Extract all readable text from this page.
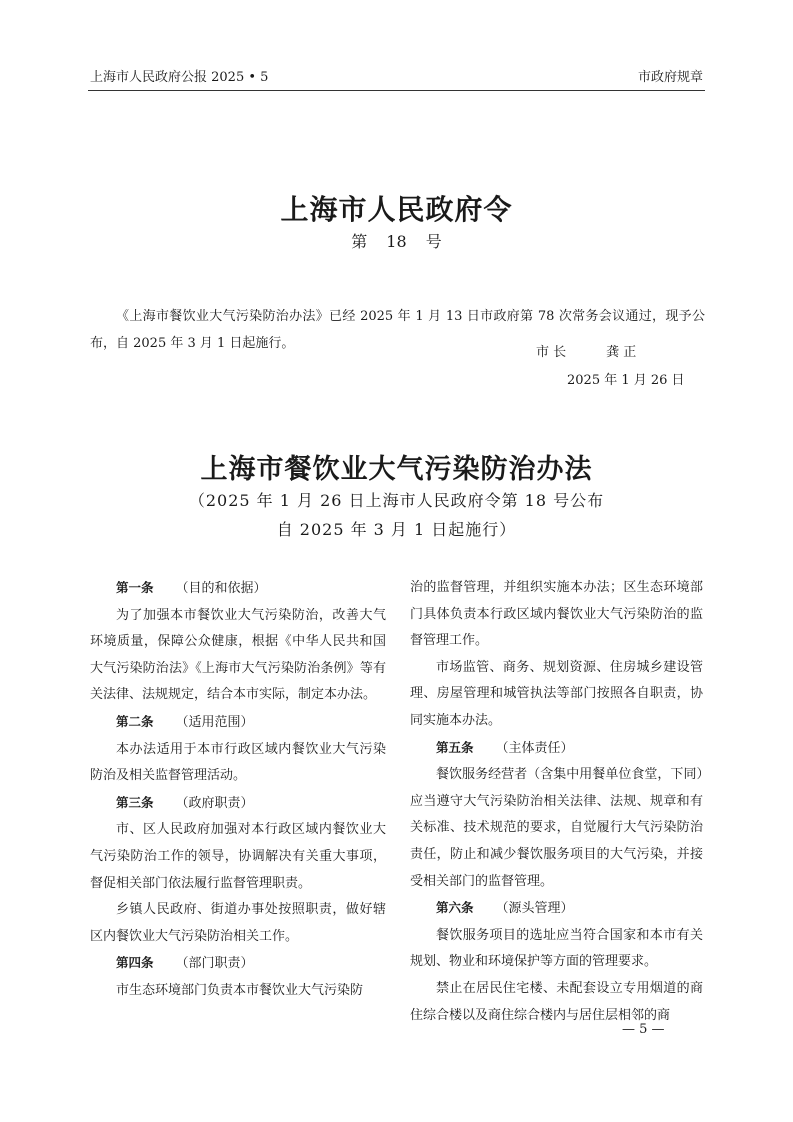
上海市人民政府公报 2025 • 5	市政府规章
上海市人民政府令
第 18 号

《上海市餐饮业大气污染防治办法》已经 2025 年 1 月 13 日市政府第 78 次常务会议通过，现予公布，自 2025 年 3 月 1 日起施行。

市 长	龚 正
2025 年 1 月 26 日
上海市餐饮业大气污染防治办法
（2025 年 1 月 26 日上海市人民政府令第 18 号公布
自 2025 年 3 月 1 日起施行）

第一条 （目的和依据）

为了加强本市餐饮业大气污染防治，改善大气环境质量，保障公众健康，根据《中华人民共和国大气污染防治法》《上海市大气污染防治条例》等有关法律、法规规定，结合本市实际，制定本办法。

第二条 （适用范围）

本办法适用于本市行政区域内餐饮业大气污染防治及相关监督管理活动。

第三条 （政府职责）

市、区人民政府加强对本行政区域内餐饮业大气污染防治工作的领导，协调解决有关重大事项，督促相关部门依法履行监督管理职责。

乡镇人民政府、街道办事处按照职责，做好辖区内餐饮业大气污染防治相关工作。

第四条 （部门职责）

市生态环境部门负责本市餐饮业大气污染防

治的监督管理，并组织实施本办法；区生态环境部门具体负责本行政区域内餐饮业大气污染防治的监督管理工作。

市场监管、商务、规划资源、住房城乡建设管理、房屋管理和城管执法等部门按照各自职责，协同实施本办法。

第五条 （主体责任）

餐饮服务经营者（含集中用餐单位食堂，下同）应当遵守大气污染防治相关法律、法规、规章和有关标准、技术规范的要求，自觉履行大气污染防治责任，防止和减少餐饮服务项目的大气污染，并接受相关部门的监督管理。

第六条 （源头管理）

餐饮服务项目的选址应当符合国家和本市有关规划、物业和环境保护等方面的管理要求。

禁止在居民住宅楼、未配套设立专用烟道的商住综合楼以及商住综合楼内与居住层相邻的商

— 5 —
